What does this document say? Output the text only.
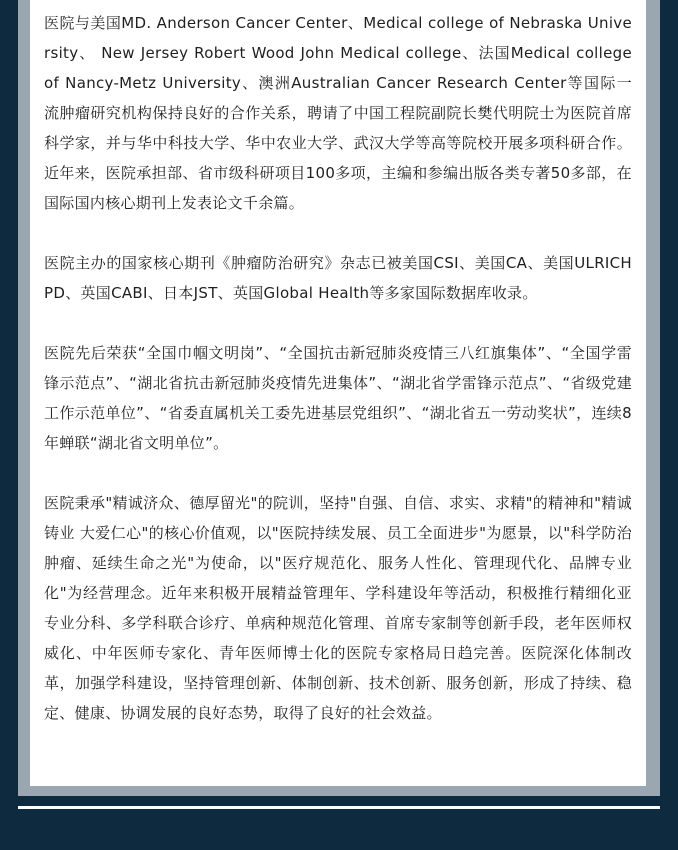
医院与美国MD. Anderson Cancer Center、Medical college of Nebraska University、 New Jersey Robert Wood John Medical college、法国Medical college of Nancy-Metz University、澳洲Australian Cancer Research Center等国际一流肿瘤研究机构保持良好的合作关系，聘请了中国工程院副院长樊代明院士为医院首席科学家，并与华中科技大学、华中农业大学、武汉大学等高等院校开展多项科研合作。近年来，医院承担部、省市级科研项目100多项，主编和参编出版各类专著50多部，在国际国内核心期刊上发表论文千余篇。

医院主办的国家核心期刊《肿瘤防治研究》杂志已被美国CSI、美国CA、美国ULRICH PD、英国CABI、日本JST、英国Global Health等多家国际数据库收录。

医院先后荣获“全国巾帼文明岗”、“全国抗击新冠肺炎疫情三八红旗集体”、“全国学雷锋示范点”、“湖北省抗击新冠肺炎疫情先进集体”、“湖北省学雷锋示范点”、“省级党建工作示范单位”、“省委直属机关工委先进基层党组织”、“湖北省五一劳动奖状”，连续8年蝉联“湖北省文明单位”。

医院秉承"精诚济众、德厚留光"的院训，坚持"自强、自信、求实、求精"的精神和"精诚铸业 大爱仁心"的核心价值观，以"医院持续发展、员工全面进步"为愿景，以"科学防治肿瘤、延续生命之光"为使命，以"医疗规范化、服务人性化、管理现代化、品牌专业化"为经营理念。近年来积极开展精益管理年、学科建设年等活动，积极推行精细化亚专业分科、多学科联合诊疗、单病种规范化管理、首席专家制等创新手段，老年医师权威化、中年医师专家化、青年医师博士化的医院专家格局日趋完善。医院深化体制改革，加强学科建设，坚持管理创新、体制创新、技术创新、服务创新，形成了持续、稳定、健康、协调发展的良好态势，取得了良好的社会效益。
